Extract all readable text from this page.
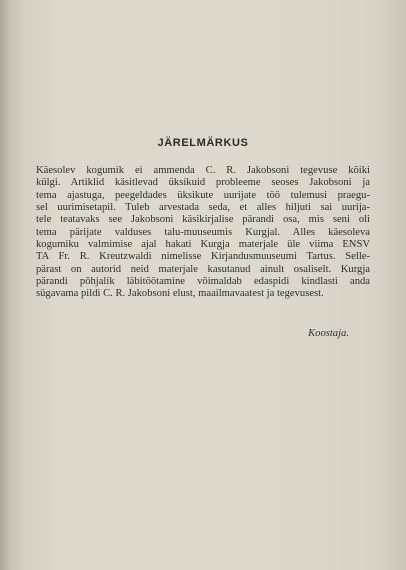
JÄRELMÄRKUS
Käesolev kogumik ei ammenda C. R. Jakobsoni tegevuse kõiki
külgi. Artiklid käsitlevad üksikuid probleeme seoses Jakobsoni ja
tema ajastuga, peegeldades üksikute uurijate töö tulemusi praegu-
sel uurimisetapil. Tuleb arvestada seda, et alles hiljuti sai uurija-
tele teatavaks see Jakobsoni käsikirjalise pärandi osa, mis seni oli
tema pärijate valduses talu-muuseumis Kurgjal. Alles käesoleva
kogumiku valmimise ajal hakati Kurgja materjale üle viima ENSV
TA Fr. R. Kreutzwaldi nimelisse Kirjandusmuuseumi Tartus. Selle-
pärast on autorid neid materjale kasutanud ainult osaliselt. Kurgja
pärandi põhjalik läbitöötamine võimaldab edaspidi kindlasti anda
sügavama pildi C. R. Jakobsoni elust, maailmavaatest ja tegevusest.
Koostaja.
